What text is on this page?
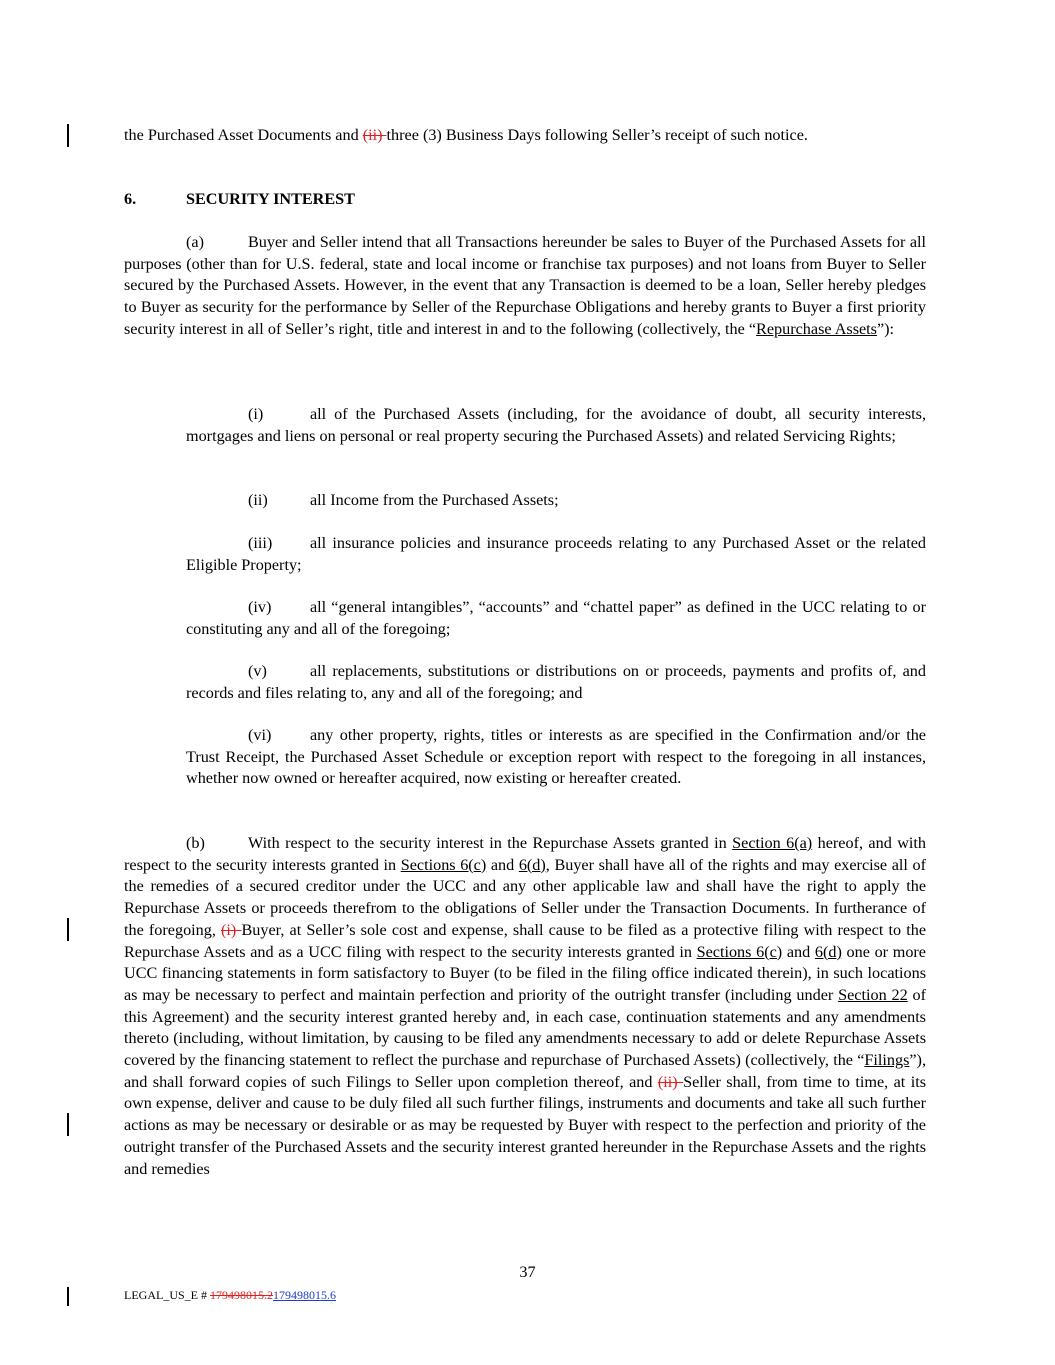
the Purchased Asset Documents and (ii) three (3) Business Days following Seller’s receipt of such notice.

6.	SECURITY INTEREST

(a)	Buyer and Seller intend that all Transactions hereunder be sales to Buyer of the Purchased Assets for all purposes (other than for U.S. federal, state and local income or franchise tax purposes) and not loans from Buyer to Seller secured by the Purchased Assets. However, in the event that any Transaction is deemed to be a loan, Seller hereby pledges to Buyer as security for the performance by Seller of the Repurchase Obligations and hereby grants to Buyer a first priority security interest in all of Seller’s right, title and interest in and to the following (collectively, the “Repurchase Assets”):

(i)	all of the Purchased Assets (including, for the avoidance of doubt, all security interests, mortgages and liens on personal or real property securing the Purchased Assets) and related Servicing Rights;

(ii)	all Income from the Purchased Assets;

(iii) all insurance policies and insurance proceeds relating to any Purchased Asset or the related Eligible Property;

(iv) all “general intangibles”, “accounts” and “chattel paper” as defined in the UCC relating to or constituting any and all of the foregoing;

(v)	all replacements, substitutions or distributions on or proceeds, payments and profits of, and records and files relating to, any and all of the foregoing; and

(vi) any other property, rights, titles or interests as are specified in the Confirmation and/or the Trust Receipt, the Purchased Asset Schedule or exception report with respect to the foregoing in all instances, whether now owned or hereafter acquired, now existing or hereafter created.

(b)	With respect to the security interest in the Repurchase Assets granted in Section 6(a) hereof, and with respect to the security interests granted in Sections 6(c) and 6(d), Buyer shall have all of the rights and may exercise all of the remedies of a secured creditor under the UCC and any other applicable law and shall have the right to apply the Repurchase Assets or proceeds therefrom to the obligations of Seller under the Transaction Documents. In furtherance of the foregoing, (i) Buyer, at Seller’s sole cost and expense, shall cause to be filed as a protective filing with respect to the Repurchase Assets and as a UCC filing with respect to the security interests granted in Sections 6(c) and 6(d) one or more UCC financing statements in form satisfactory to Buyer (to be filed in the filing office indicated therein), in such locations as may be necessary to perfect and maintain perfection and priority of the outright transfer (including under Section 22 of this Agreement) and the security interest granted hereby and, in each case, continuation statements and any amendments thereto (including, without limitation, by causing to be filed any amendments necessary to add or delete Repurchase Assets covered by the financing statement to reflect the purchase and repurchase of Purchased Assets) (collectively, the “Filings”), and shall forward copies of such Filings to Seller upon completion thereof, and (ii) Seller shall, from time to time, at its own expense, deliver and cause to be duly filed all such further filings, instruments and documents and take all such further actions as may be necessary or desirable or as may be requested by Buyer with respect to the perfection and priority of the outright transfer of the Purchased Assets and the security interest granted hereunder in the Repurchase Assets and the rights and remedies

37
LEGAL_US_E # 179498015.2179498015.6
